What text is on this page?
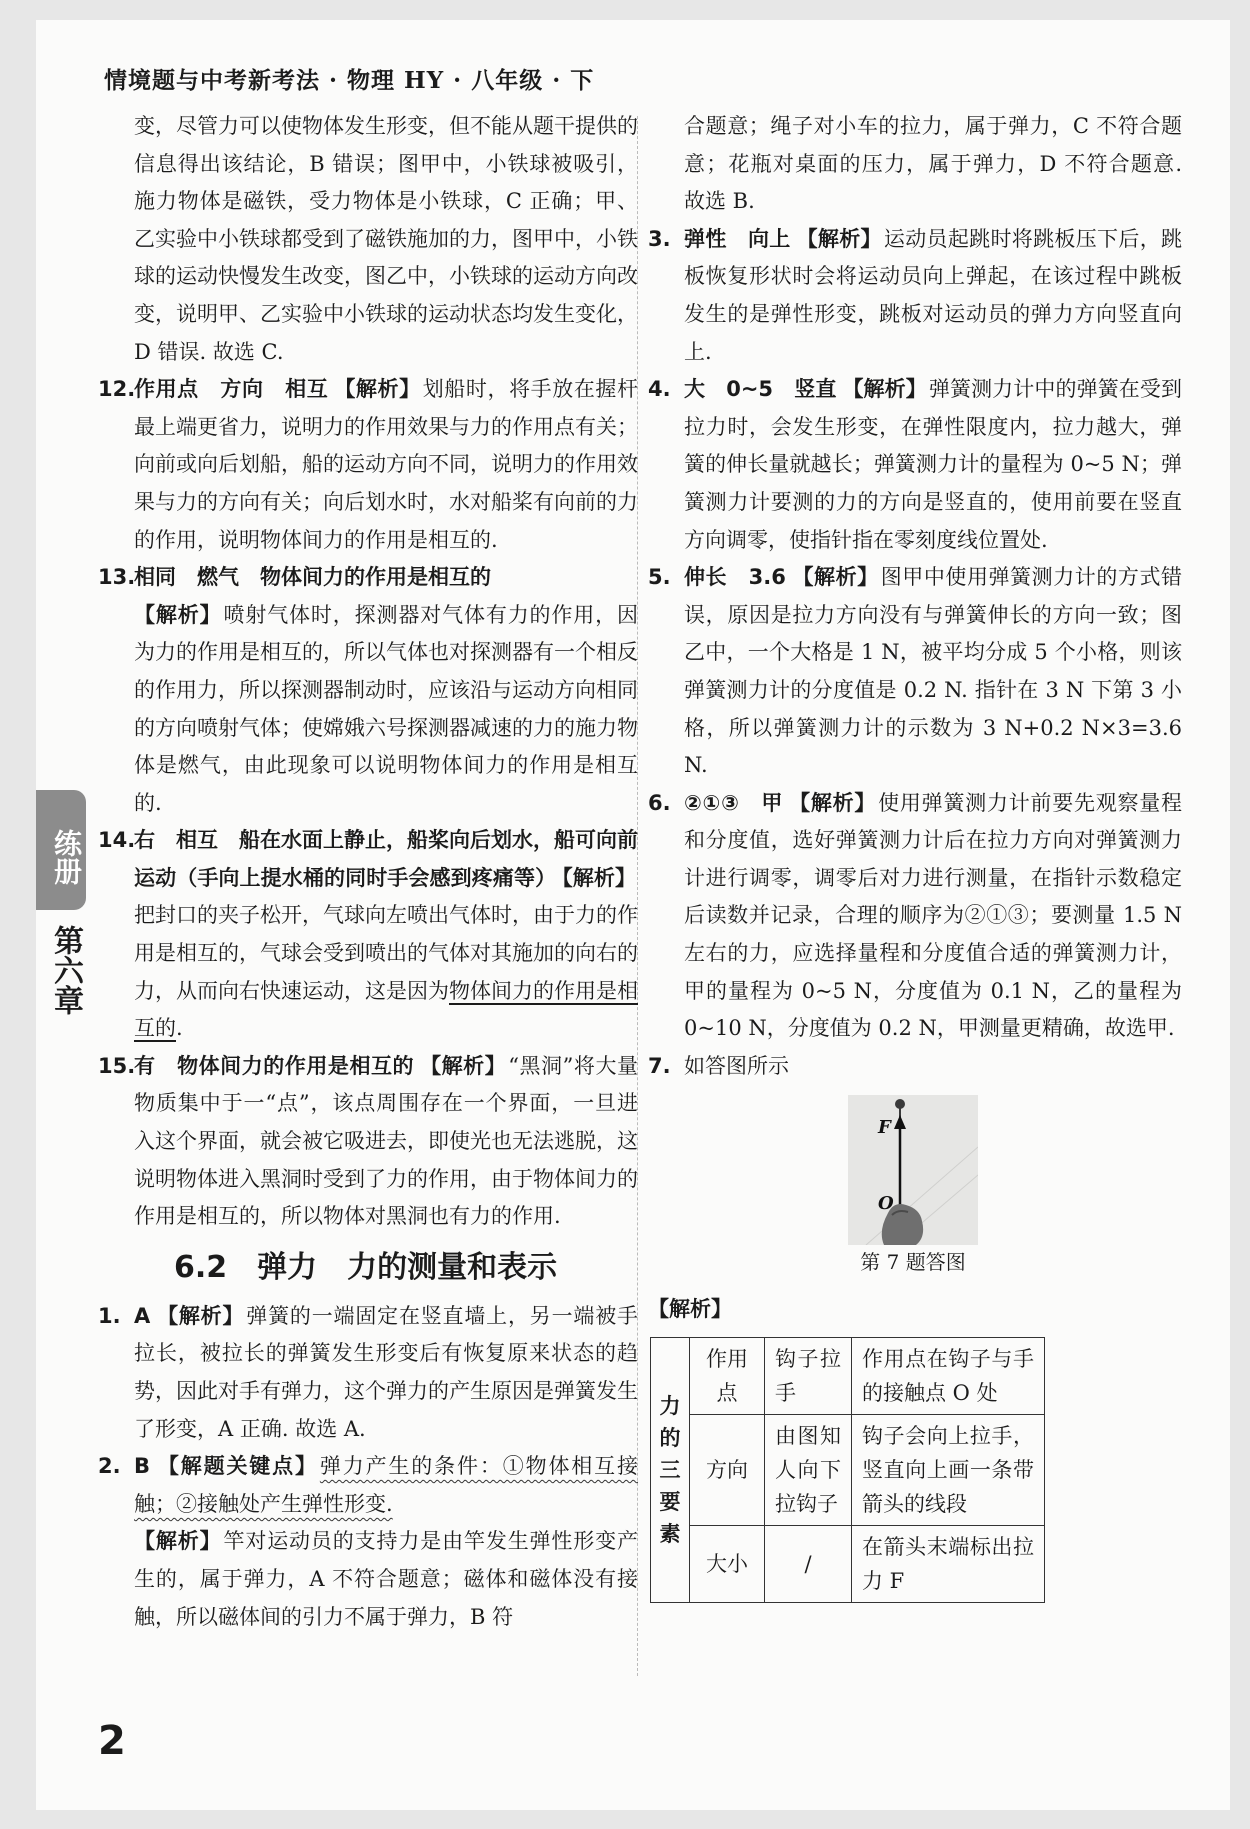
情境题与中考新考法 · 物理 HY · 八年级 · 下
练册
第六章
2

变，尽管力可以使物体发生形变，但不能从题干提供的信息得出该结论，B 错误；图甲中，小铁球被吸引，施力物体是磁铁，受力物体是小铁球，C 正确；甲、乙实验中小铁球都受到了磁铁施加的力，图甲中，小铁球的运动快慢发生改变，图乙中，小铁球的运动方向改变，说明甲、乙实验中小铁球的运动状态均发生变化，D 错误. 故选 C.

12.
作用点　方向　相互 【解析】划船时，将手放在握杆最上端更省力，说明力的作用效果与力的作用点有关；向前或向后划船，船的运动方向不同，说明力的作用效果与力的方向有关；向后划水时，水对船桨有向前的力的作用，说明物体间力的作用是相互的.

13.
相同　燃气　物体间力的作用是相互的
【解析】喷射气体时，探测器对气体有力的作用，因为力的作用是相互的，所以气体也对探测器有一个相反的作用力，所以探测器制动时，应该沿与运动方向相同的方向喷射气体；使嫦娥六号探测器减速的力的施力物体是燃气，由此现象可以说明物体间力的作用是相互的.

14.
右　相互　船在水面上静止，船桨向后划水，船可向前运动（手向上提水桶的同时手会感到疼痛等） 【解析】把封口的夹子松开，气球向左喷出气体时，由于力的作用是相互的，气球会受到喷出的气体对其施加的向右的力，从而向右快速运动，这是因为物体间力的作用是相互的.

15.
有　物体间力的作用是相互的 【解析】“黑洞”将大量物质集中于一“点”，该点周围存在一个界面，一旦进入这个界面，就会被它吸进去，即使光也无法逃脱，这说明物体进入黑洞时受到了力的作用，由于物体间力的作用是相互的，所以物体对黑洞也有力的作用.

6.2　弹力　力的测量和表示

1. A 【解析】弹簧的一端固定在竖直墙上，另一端被手拉长，被拉长的弹簧发生形变后有恢复原来状态的趋势，因此对手有弹力，这个弹力的产生原因是弹簧发生了形变，A 正确. 故选 A.

2. B 【解题关键点】弹力产生的条件：①物体相互接触；②接触处产生弹性形变.
【解析】竿对运动员的支持力是由竿发生弹性形变产生的，属于弹力，A 不符合题意；磁体和磁体没有接触，所以磁体间的引力不属于弹力，B 符

合题意；绳子对小车的拉力，属于弹力，C 不符合题意；花瓶对桌面的压力，属于弹力，D 不符合题意. 故选 B.

3. 弹性　向上 【解析】运动员起跳时将跳板压下后，跳板恢复形状时会将运动员向上弹起，在该过程中跳板发生的是弹性形变，跳板对运动员的弹力方向竖直向上.

4. 大　0~5　竖直 【解析】弹簧测力计中的弹簧在受到拉力时，会发生形变，在弹性限度内，拉力越大，弹簧的伸长量就越长；弹簧测力计的量程为 0~5 N；弹簧测力计要测的力的方向是竖直的，使用前要在竖直方向调零，使指针指在零刻度线位置处.

5. 伸长　3.6 【解析】图甲中使用弹簧测力计的方式错误，原因是拉力方向没有与弹簧伸长的方向一致；图乙中，一个大格是 1 N，被平均分成 5 个小格，则该弹簧测力计的分度值是 0.2 N. 指针在 3 N 下第 3 小格，所以弹簧测力计的示数为 3 N+0.2 N×3=3.6 N.

6. ②①③　甲 【解析】使用弹簧测力计前要先观察量程和分度值，选好弹簧测力计后在拉力方向对弹簧测力计进行调零，调零后对力进行测量，在指针示数稳定后读数并记录，合理的顺序为②①③；要测量 1.5 N 左右的力，应选择量程和分度值合适的弹簧测力计，甲的量程为 0~5 N，分度值为 0.1 N，乙的量程为 0~10 N，分度值为 0.2 N，甲测量更精确，故选甲.

7. 如答图所示

F
O
第 7 题答图
【解析】
力
的
三
要
素	作用点	钩子拉手	作用点在钩子与手的接触点 O 处
	方向	由图知人向下拉钩子	钩子会向上拉手，竖直向上画一条带箭头的线段
	大小	/	在箭头末端标出拉力 F
